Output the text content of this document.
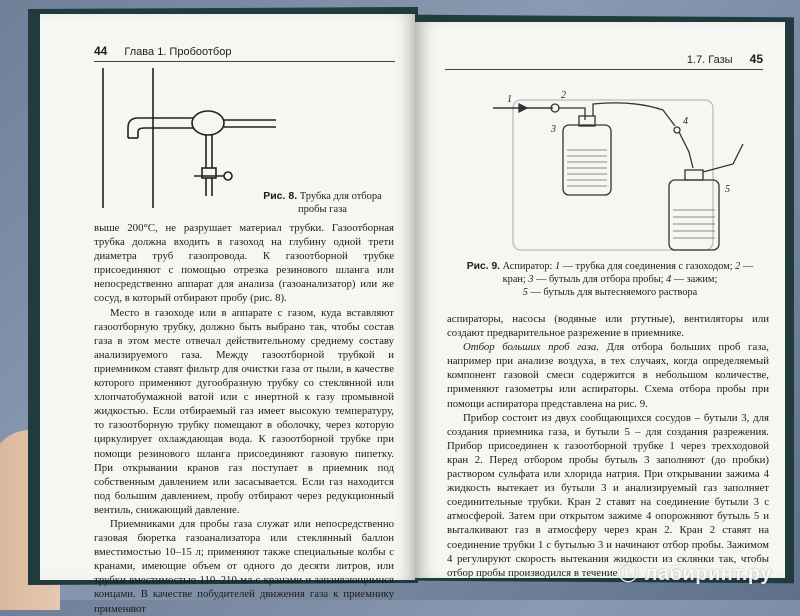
44 Глава 1. Пробоотбор
Рис. 8. Трубка для отбора пробы газа

выше 200°С, не разрушает материал трубки. Газоотборная трубка должна входить в газоход на глубину одной трети диаметра труб газопровода. К газоотборной трубке присоединяют с помощью отрезка резинового шланга или непосредственно аппарат для анализа (газоанализатор) или же сосуд, в который отбирают пробу (рис. 8).

Место в газоходе или в аппарате с газом, куда вставляют газоотборную трубку, должно быть выбрано так, чтобы состав газа в этом месте отвечал действительному среднему составу анализируемого газа. Между газоотборной трубкой и приемником ставят фильтр для очистки газа от пыли, в качестве которого применяют дугообразную трубку со стеклянной или хлопчатобумажной ватой или с инертной к газу промывной жидкостью. Если отбираемый газ имеет высокую температуру, то газоотборную трубку помещают в оболочку, через которую циркулирует охлаждающая вода. К газоотборной трубке при помощи резинового шланга присоединяют газовую пипетку. При открывании кранов газ поступает в приемник под собственным давлением или засасывается. Если газ находится под большим давлением, пробу отбирают через редукционный вентиль, снижающий давление.

Приемниками для пробы газа служат или непосредственно газовая бюретка газоанализатора или стеклянный баллон вместимостью 10–15 л; применяют также специальные колбы с кранами, имеющие объем от одного до десяти литров, или трубки вместимостью 110–210 мл с кранами и запаивающимися концами. В качестве побудителей движения газа к приемнику применяют

1.7. Газы 45
1	2
3
4
5
Рис. 9. Аспиратор: 1 — трубка для соединения с газоходом; 2 — кран; 3 — бутыль для отбора пробы; 4 — зажим;
5 — бутыль для вытесняемого раствора

аспираторы, насосы (водяные или ртутные), вентиляторы или создают предварительное разрежение в приемнике.

Отбор больших проб газа. Для отбора больших проб газа, например при анализе воздуха, в тех случаях, когда определяемый компонент газовой смеси содержится в небольшом количестве, применяют газометры или аспираторы. Схема отбора пробы при помощи аспиратора представлена на рис. 9.

Прибор состоит из двух сообщающихся сосудов – бутыли 3, для создания приемника газа, и бутыли 5 – для создания разрежения. Прибор присоединен к газоотборной трубке 1 через трехходовой кран 2. Перед отбором пробы бутыль 3 заполняют (до пробки) раствором сульфата или хлорида натрия. При открывании зажима 4 жидкость вытекает из бутыли 3 и анализируемый газ заполняет соединительные трубки. Кран 2 ставят на соединение бутыли 3 с атмосферой. Затем при открытом зажиме 4 опорожняют бутыль 5 и выталкивают газ в атмосферу через кран 2. Кран 2 ставят на соединение трубки 1 с бутылью 3 и начинают отбор пробы. Зажимом 4 регулируют скорость вытекания жидкости из склянки так, чтобы отбор пробы производился в течение Ⓛ лабиринт.ру
